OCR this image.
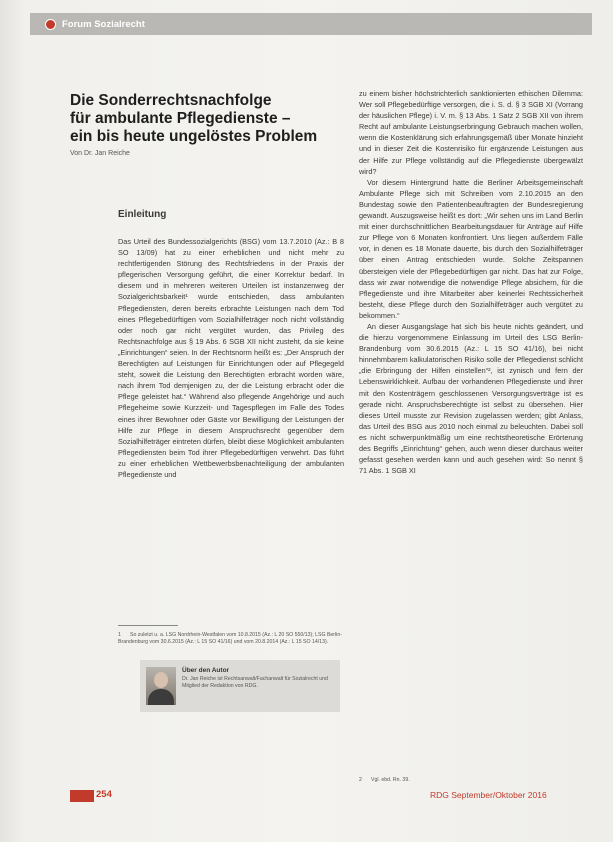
Forum Sozialrecht
Die Sonderrechtsnachfolge
für ambulante Pflegedienste –
ein bis heute ungelöstes Problem
Von Dr. Jan Reiche
Einleitung

Das Urteil des Bundessozialgerichts (BSG) vom 13.7.2010 (Az.: B 8 SO 13/09) hat zu einer erheblichen und nicht mehr zu rechtfertigenden Störung des Rechtsfriedens in der Praxis der pflegerischen Versorgung geführt, die einer Korrektur bedarf. In diesem und in mehreren weiteren Urteilen ist instanzenweg der Sozialgerichtsbarkeit¹ wurde entschieden, dass ambulanten Pflegediensten, deren bereits erbrachte Leistungen nach dem Tod eines Pflegebedürftigen vom Sozialhilfeträger noch nicht vollständig oder noch gar nicht vergütet wurden, das Privileg des Rechtsnachfolge aus § 19 Abs. 6 SGB XII nicht zusteht, da sie keine „Einrichtungen“ seien. In der Rechtsnorm heißt es: „Der Anspruch der Berechtigten auf Leistungen für Einrichtungen oder auf Pflegegeld steht, soweit die Leistung den Berechtigten erbracht worden wäre, nach ihrem Tod demjenigen zu, der die Leistung erbracht oder die Pflege geleistet hat.“ Während also pflegende Angehörige und auch Pflegeheime sowie Kurzzeit- und Tagespflegen im Falle des Todes eines ihrer Bewohner oder Gäste vor Bewilligung der Leistungen der Hilfe zur Pflege in diesem Anspruchsrecht gegenüber dem Sozialhilfeträger eintreten dürfen, bleibt diese Möglichkeit ambulanten Pflegediensten beim Tod ihrer Pflegebedürftigen verwehrt. Das führt zu einer erheblichen Wettbewerbsbenachteiligung der ambulanten Pflegedienste und

1 So zuletzt u. a. LSG Nordrhein-Westfalen vom 10.8.2015 (Az.: L 20 SO 550/13); LSG Berlin-Brandenburg vom 30.6.2015 (Az.: L 15 SO 41/16) und vom 20.8.2014 (Az.: L 15 SO 14/13).
Über den Autor
Dr. Jan Reiche ist Rechtsanwalt/Fachanwalt für Sozialrecht und Mitglied der Redaktion von RDG.

zu einem bisher höchstrichterlich sanktionierten ethischen Dilemma: Wer soll Pflegebedürftige versorgen, die i. S. d. § 3 SGB XI (Vorrang der häuslichen Pflege) i. V. m. § 13 Abs. 1 Satz 2 SGB XII von ihrem Recht auf ambulante Leistungserbringung Gebrauch machen wollen, wenn die Kostenklärung sich erfahrungsgemäß über Monate hinzieht und in dieser Zeit die Kostenrisiko für ergänzende Leistungen aus der Hilfe zur Pflege vollständig auf die Pflegedienste übergewälzt wird?

Vor diesem Hintergrund hatte die Berliner Arbeitsgemeinschaft Ambulante Pflege sich mit Schreiben vom 2.10.2015 an den Bundestag sowie den Patientenbeauftragten der Bundesregierung gewandt. Auszugsweise heißt es dort: „Wir sehen uns im Land Berlin mit einer durchschnittlichen Bearbeitungsdauer für Anträge auf Hilfe zur Pflege von 6 Monaten konfrontiert. Uns liegen außerdem Fälle vor, in denen es 18 Monate dauerte, bis durch den Sozialhilfeträger über einen Antrag entschieden wurde. Solche Zeitspannen übersteigen viele der Pflegebedürftigen gar nicht. Das hat zur Folge, dass wir zwar notwendige die notwendige Pflege absichern, für die Pflegedienste und ihre Mitarbeiter aber keinerlei Rechtssicherheit besteht, diese Pflege durch den Sozialhilfeträger auch vergütet zu bekommen.“

An dieser Ausgangslage hat sich bis heute nichts geändert, und die hierzu vorgenommene Einlassung im Urteil des LSG Berlin-Brandenburg vom 30.6.2015 (Az.: L 15 SO 41/16), bei nicht hinnehmbarem kalkulatorischen Risiko solle der Pflegedienst schlicht „die Erbringung der Hilfen einstellen“², ist zynisch und fern der Lebenswirklichkeit. Aufbau der vorhandenen Pflegedienste und ihrer mit den Kostenträgern geschlossenen Versorgungsverträge ist es gerade nicht. Anspruchsberechtigte ist selbst zu übersehen. Hier dieses Urteil musste zur Revision zugelassen werden; gibt Anlass, das Urteil des BSG aus 2010 noch einmal zu beleuchten. Dabei soll es nicht schwerpunktmäßig um eine rechtstheoretische Erörterung des Begriffs „Einrichtung“ gehen, auch wenn dieser durchaus weiter gefasst gesehen werden kann und auch gesehen wird: So nennt § 71 Abs. 1 SGB XI

2 Vgl. ebd. Rn. 39.
254	RDG September/Oktober 2016
